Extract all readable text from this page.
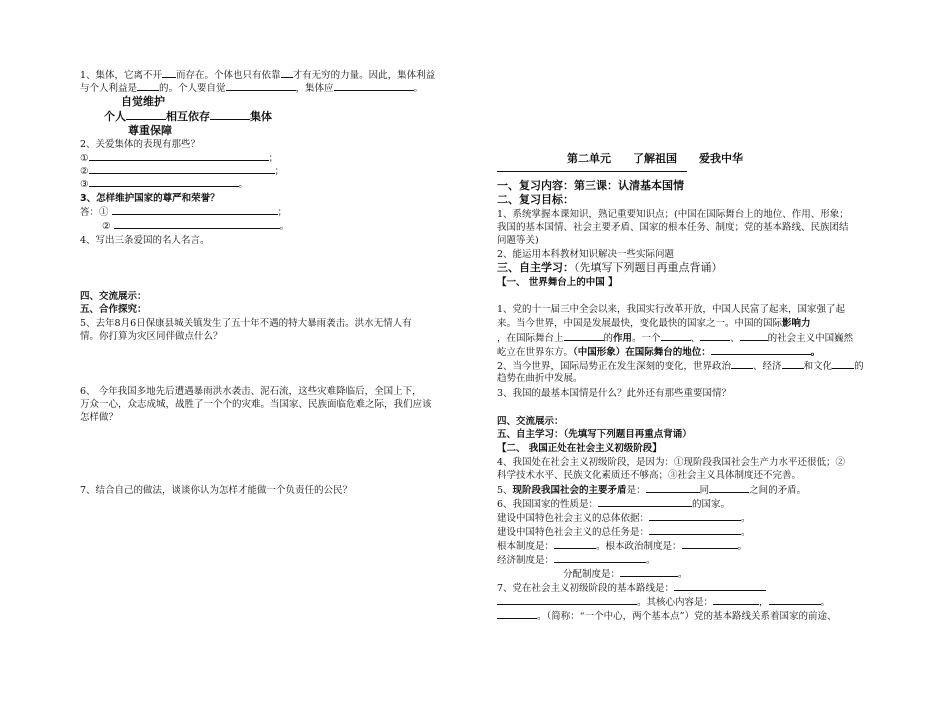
1、集体，它离不开 而存在。个体也只有依靠 才有无穷的力量。因此，集体利益
与个人利益是 的。个人要自觉	，集体应	。
自觉维护
个人	相互依存	集体
尊重保障
2、关爱集体的表现有那些？
①	；
②	；
③	。
3、怎样维护国家的尊严和荣誉？
答：①	；
②	。
4、写出三条爱国的名人名言。
四、交流展示：
五、合作探究：
5、去年8月6日保康县城关镇发生了五十年不遇的特大暴雨袭击。洪水无情人有
情。你打算为灾区同伴做点什么？
6、 今年我国多地先后遭遇暴雨洪水袭击、泥石流，这些灾难降临后，全国上下，
万众一心，众志成城，战胜了一个个的灾难。当国家、民族面临危难之际，我们应该
怎样做？
7、结合自己的做法，谈谈你认为怎样才能做一个负责任的公民？
第二单元 了解祖国 爱我中华
一、复习内容：第三课：认清基本国情
二、复习目标：
1、系统掌握本课知识，熟记重要知识点；(中国在国际舞台上的地位、作用、形象；
我国的基本国情、社会主要矛盾、国家的根本任务、制度；党的基本路线、民族团结
问题等关)
2、能运用本科教材知识解决一些实际问题
三、自主学习：（先填写下列题目再重点背诵）
【一、 世界舞台上的中国 】
1、党的十一届三中全会以来，我国实行改革开放，中国人民富了起来，国家强了起
来。当今世界，中国是发展最快，变化最快的国家之一。中国的国际影响力
，在国际舞台上	的作用。一个	、	、	的社会主义中国巍然
屹立在世界东方。（中国形象）在国际舞台的地位：	。
2、当今世界，国际局势正在发生深刻的变化，世界政治 、经济 和文化 的
趋势在曲折中发展。
3、我国的最基本国情是什么？此外还有那些重要国情？
四、交流展示：
五、自主学习：（先填写下列题目再重点背诵）
【二、 我国正处在社会主义初级阶段】
4、我国处在社会主义初级阶段，是因为：①现阶段我国社会生产力水平还很低；②
科学技术水平、民族文化素质还不够高；③社会主义具体制度还不完善。
5、现阶段我国社会的主要矛盾是：	同	之间的矛盾。
6、我国国家的性质是：	的国家。
建设中国特色社会主义的总体依据：	。
建设中国特色社会主义的总任务是：	。
根本制度是：	。根本政治制度是：	。
经济制度是：	。
分配制度是：	。
7、党在社会主义初级阶段的基本路线是：
。其核心内容是：	，	。
。（简称：“一个中心，两个基本点”）党的基本路线关系着国家的前途、
